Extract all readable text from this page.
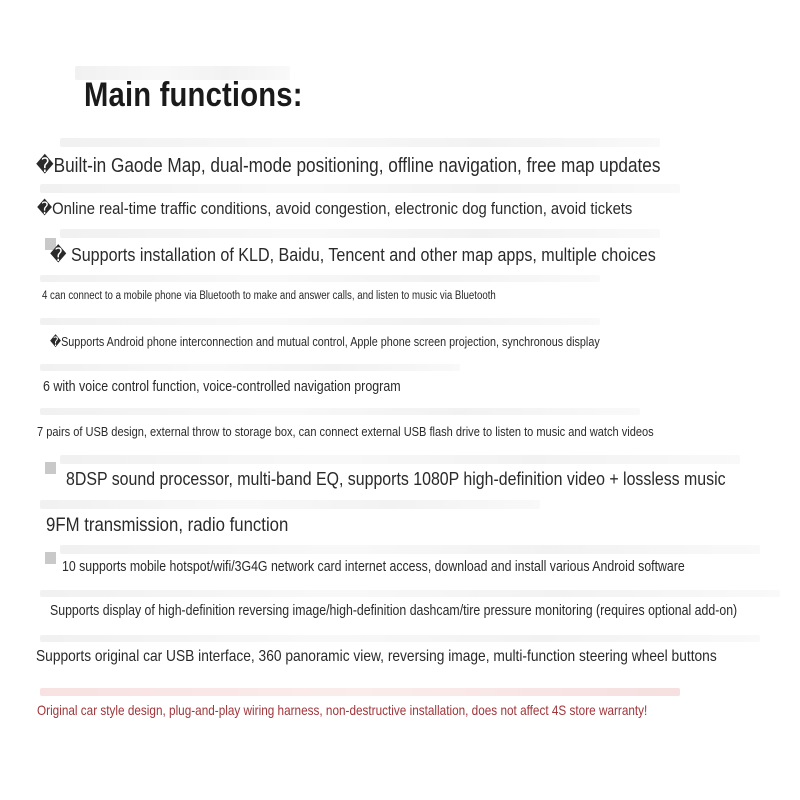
Main functions:

�Built-in Gaode Map, dual-mode positioning, offline navigation, free map updates

�Online real-time traffic conditions, avoid congestion, electronic dog function, avoid tickets

� Supports installation of KLD, Baidu, Tencent and other map apps, multiple choices

4 can connect to a mobile phone via Bluetooth to make and answer calls, and listen to music via Bluetooth

�Supports Android phone interconnection and mutual control, Apple phone screen projection, synchronous display

6 with voice control function, voice-controlled navigation program

7 pairs of USB design, external throw to storage box, can connect external USB flash drive to listen to music and watch videos

8DSP sound processor, multi-band EQ, supports 1080P high-definition video + lossless music

9FM transmission, radio function

10 supports mobile hotspot/wifi/3G4G network card internet access, download and install various Android software

Supports display of high-definition reversing image/high-definition dashcam/tire pressure monitoring (requires optional add-on)

Supports original car USB interface, 360 panoramic view, reversing image, multi-function steering wheel buttons

Original car style design, plug-and-play wiring harness, non-destructive installation, does not affect 4S store warranty!
